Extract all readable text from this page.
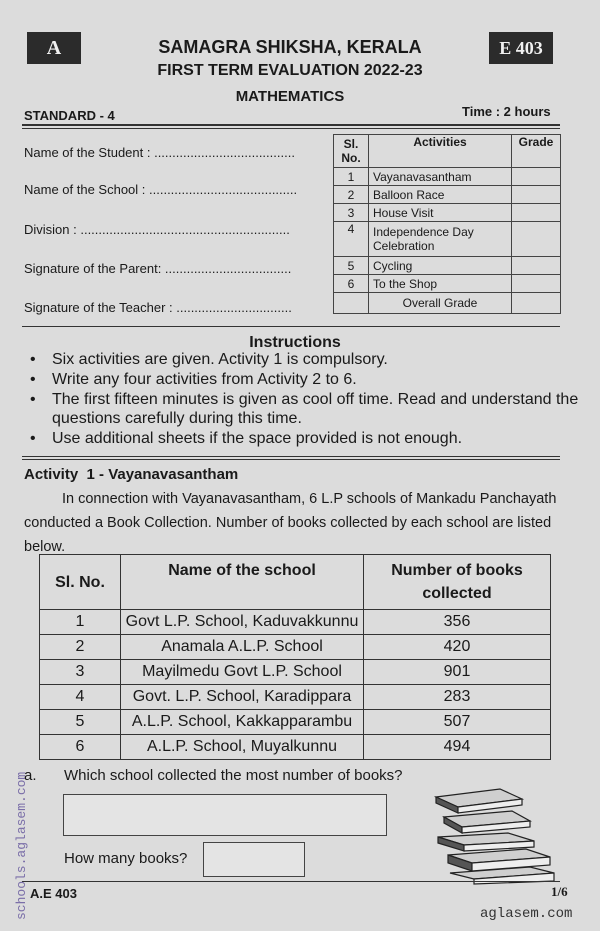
A	E 403
SAMAGRA SHIKSHA, KERALA
FIRST TERM EVALUATION 2022-23
MATHEMATICS
STANDARD - 4	Time : 2 hours
Name of the Student : .......................................
Name of the School : .........................................
Division : ..........................................................
Signature of the Parent: ...................................
Signature of the Teacher : ................................
Sl. No.	Activities	Grade
1	Vayanavasantham	
2	Balloon Race	
3	House Visit	
4	Independence Day Celebration	
5	Cycling	
6	To the Shop	
	Overall Grade	
Instructions
• Six activities are given. Activity 1 is compulsory.
• Write any four activities from Activity 2 to 6.
• The first fifteen minutes is given as cool off time. Read and understand the questions carefully during this time.
• Use additional sheets if the space provided is not enough.
Activity  1 - Vayanavasantham
In connection with Vayanavasantham, 6 L.P schools of Mankadu Panchayath conducted a Book Collection. Number of books collected by each school are listed below.
Sl. No.	Name of the school	Number of books collected
1	Govt L.P. School, Kaduvakkunnu	356
2	Anamala A.L.P. School	420
3	Mayilmedu Govt L.P. School	901
4	Govt. L.P. School, Karadippara	283
5	A.L.P. School, Kakkapparambu	507
6	A.L.P. School, Muyalkunnu	494
a. Which school collected the most number of books?
How many books?
A.E 403	1/6
aglasem.com
schools.aglasem.com
